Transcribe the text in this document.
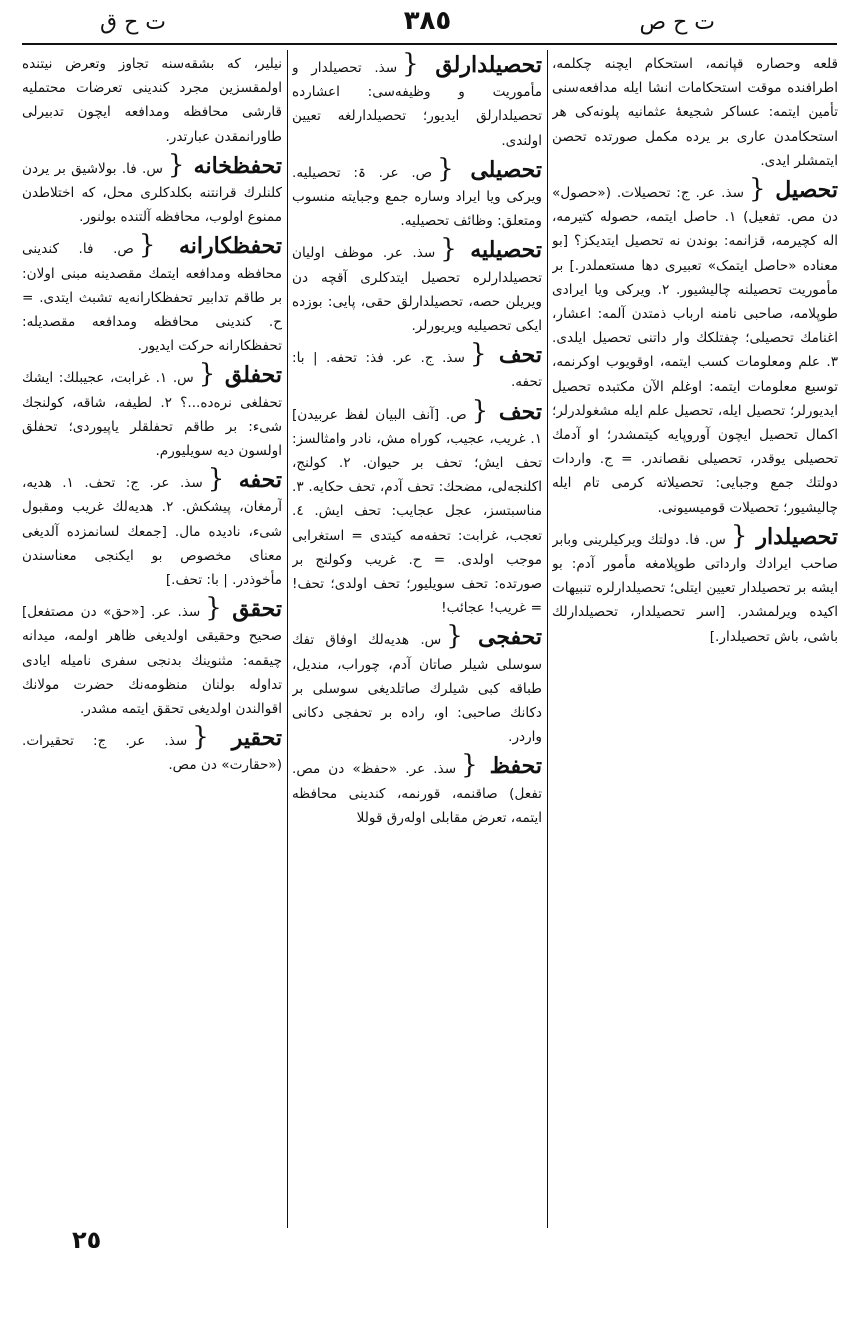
ت ح ص
٣٨٥
ت ح ق
قلعه وحصاره قپانمه، استحکام ایچنه چکلمه، اطرافنده موقت استحکامات انشا ایله مدافعه‌سنی تأمین ایتمه: عساکر شجیعهٔ عثمانیه پلونه‌کی هر استحکامدن عاری بر یرده مکمل صورتده تحصن ایتمشلر ایدی.
تحصیل {سذ. عر. ج: تحصیلات. («حصول» دن مص. تفعیل) ۱. حاصل ایتمه، حصوله کتیرمه، اله کچیرمه، قزانمه: بوندن نه تحصیل ایتدیکز؟ [بو معناده «حاصل ایتمک» تعبیری دها مستعملدر.] بر مأموریت تحصیلنه چالیشیور. ۲. ویرکی ویا ایرادی طوپلامه، صاحبی نامنه ارباب ذمتدن آلمه: اعشار، اغنامك تحصیلی؛ چفتلکك وار داتنی تحصیل ایلدی. ۳. علم ومعلومات کسب ایتمه، اوقویوب اوکرنمه، توسیع معلومات ایتمه: اوغلم الآن مکتبده تحصیل ایدیورلر؛ تحصیل ایله، تحصیل علم ایله مشغولدرلر؛ اکمال تحصیل ایچون آوروپایه کیتمشدر؛ او آدمك تحصیلی یوقدر، تحصیلی نقصاندر. = ج. واردات دولتك جمع وجبایی: تحصیلاته کرمی تام ایله چالیشیور؛ تحصیلات قومیسیونی.
تحصیلدار {س. فا. دولتك ویرکیلرینی وبابر صاحب ایرادك وارداتی طوپلامغه مأمور آدم: بو ایشه بر تحصیلدار تعیین ایتلی؛ تحصیلدارلره تنبیهات اکیده ویرلمشدر. [اسر تحصیلدار، تحصیلدارلك باشی، باش تحصیلدار.]
تحصیلدارلق {سذ. تحصیلدار و مأموریت و وظیفه‌سی: اعشارده تحصیلدارلق ایدیور؛ تحصیلدارلغه تعیین اولندی.
تحصیلی {ص. عر. ۃ: تحصیلیه. ویرکی ویا ایراد وساره جمع وجبایته منسوب ومتعلق: وظائف تحصیلیه.
تحصیلیه {سذ. عر. موظف اولیان تحصیلدارلره تحصیل ایتدکلری آقچه دن ویریلن حصه، تحصیلدارلق حقی، پایی: بوزده ایکی تحصیلیه ویریورلر.
تحف {سذ. ج. عر. فذ: تحفه. | با: تحفه.
تحف {ص. [آنف البیان لفظ عربیدن] ۱. غریب، عجیب، کوراه مش، نادر وامثالسز: تحف ایش؛ تحف بر حیوان. ۲. کولنج، اکلنجه‌لی، مضحك: تحف آدم، تحف حکایه. ۳. مناسبتسز، عجل عجایب: تحف ایش. ٤. تعجب، غرابت: تحفه‌مه کیتدی = استغرابی موجب اولدی. = ح. غریب وکولنج بر صورتده: تحف سویلیور؛ تحف اولدی؛ تحف! = غریب! عجائب!
تحفجی {س. هدیه‌لك اوفاق تفك سوسلی شیلر صاتان آدم، چوراب، مندیل، طباقه کبی شیلرك صاتلدیغی سوسلی بر دکانك صاحبی: او، راده بر تحفجی دکانی واردر.
تحفظ {سذ. عر. «حفظ» دن مص. تفعل) صاقنمه، قورنمه، کندینی محافظه ایتمه، تعرض مقابلی اوله‌رق قوللا
نیلیر، که بشقه‌سنه تجاوز وتعرض نیتنده اولمقسزین مجرد کندینی تعرضات محتملیه قارشی محافظه ومدافعه ایچون تدبیرلی طاورانمقدن عبارتدر.
تحفظخانه {س. فا. بولاشیق بر یردن کلنلرك قرانتنه بکلدکلری محل، که اختلاطدن ممنوع اولوب، محافظه آلتنده بولنور.
تحفظکارانه {ص. فا. کندینی محافظه ومدافعه ایتمك مقصدینه مبنی اولان: بر طاقم تدابیر تحفظکارانه‌یه تشبث ایتدی. = ح. کندینی محافظه ومدافعه مقصدیله: تحفظکارانه حرکت ایدیور.
تحفلق {س. ۱. غرابت، عجیبلك: ایشك تحفلغی نره‌ده...؟ ۲. لطیفه، شاقه، کولنجك شیء: بر طاقم تحفلقلر یاپیوردی؛ تحفلق اولسون دیه سویلیورم.
تحفه {سذ. عر. ج: تحف. ۱. هدیه، آرمغان، پیشکش. ۲. هدیه‌لك غریب ومقبول شیء، نادیده مال. [جمعك لسانمزده آلدیغی معنای مخصوص بو ایکنجی معناسندن مأخوذدر. | با: تحف.]
تحقق {سذ. عر. [«حق» دن مصتفعل] صحیح وحقیقی اولدیغی ظاهر اولمه، میدانه چیقمه: مثنوینك بدنجی سفری نامیله ایادی تداوله بولنان منظومه‌نك حضرت مولانك اقوالندن اولدیغی تحقق ایتمه مشدر.
تحقیر {سذ. عر. ج: تحقیرات. («حقارت» دن مص.
٢٥
